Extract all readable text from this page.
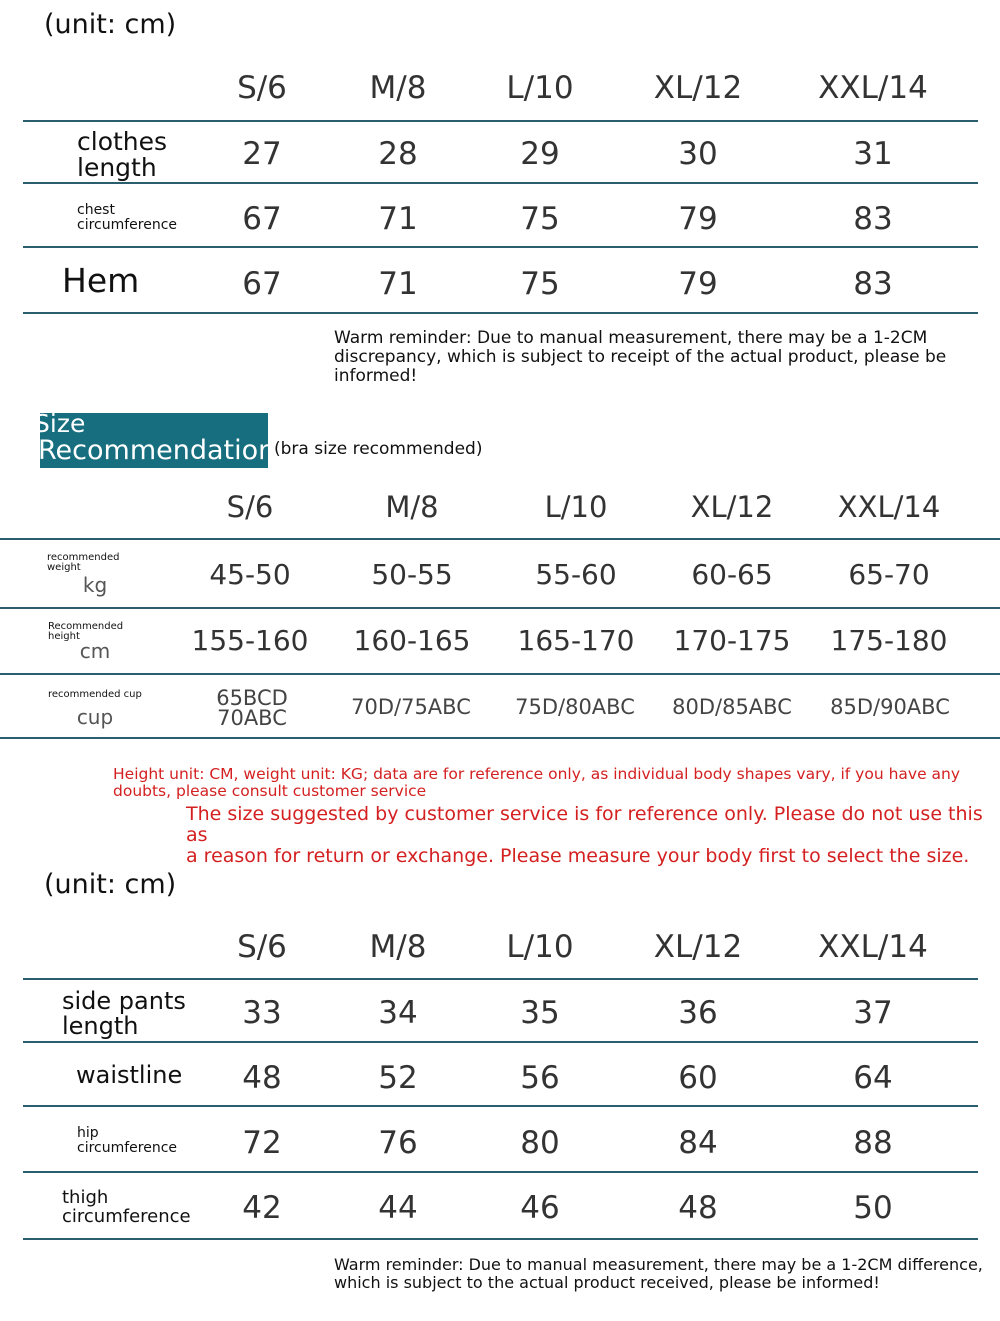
(unit: cm)
S/6	M/8	L/10	XL/12	XXL/14
clothes
length	27	28	29	30	31
chest
circumference	67	71	75	79	83
Hem	67	71	75	79	83
Warm reminder: Due to manual measurement, there may be a 1-2CM
discrepancy, which is subject to receipt of the actual product, please be
informed!
Size
Recommendation
(bra size recommended)
S/6	M/8	L/10	XL/12	XXL/14
recommended
weight
kg	45-50	50-55	55-60	60-65	65-70
Recommended
height
cm	155-160 160-165 165-170 170-175 175-180
recommended cup
cup
65BCD
70ABC	70D/75ABC	75D/80ABC	80D/85ABC	85D/90ABC
Height unit: CM, weight unit: KG; data are for reference only, as individual body shapes vary, if you have any
doubts, please consult customer service
The size suggested by customer service is for reference only. Please do not use this as
a reason for return or exchange. Please measure your body first to select the size.
(unit: cm)
S/6	M/8	L/10	XL/12	XXL/14
side pants
length	33	34	35	36	37
waistline	48	52	56	60	64
hip
circumference	72	76	80	84	88
thigh
circumference	42	44	46	48	50
Warm reminder: Due to manual measurement, there may be a 1-2CM difference,
which is subject to the actual product received, please be informed!
